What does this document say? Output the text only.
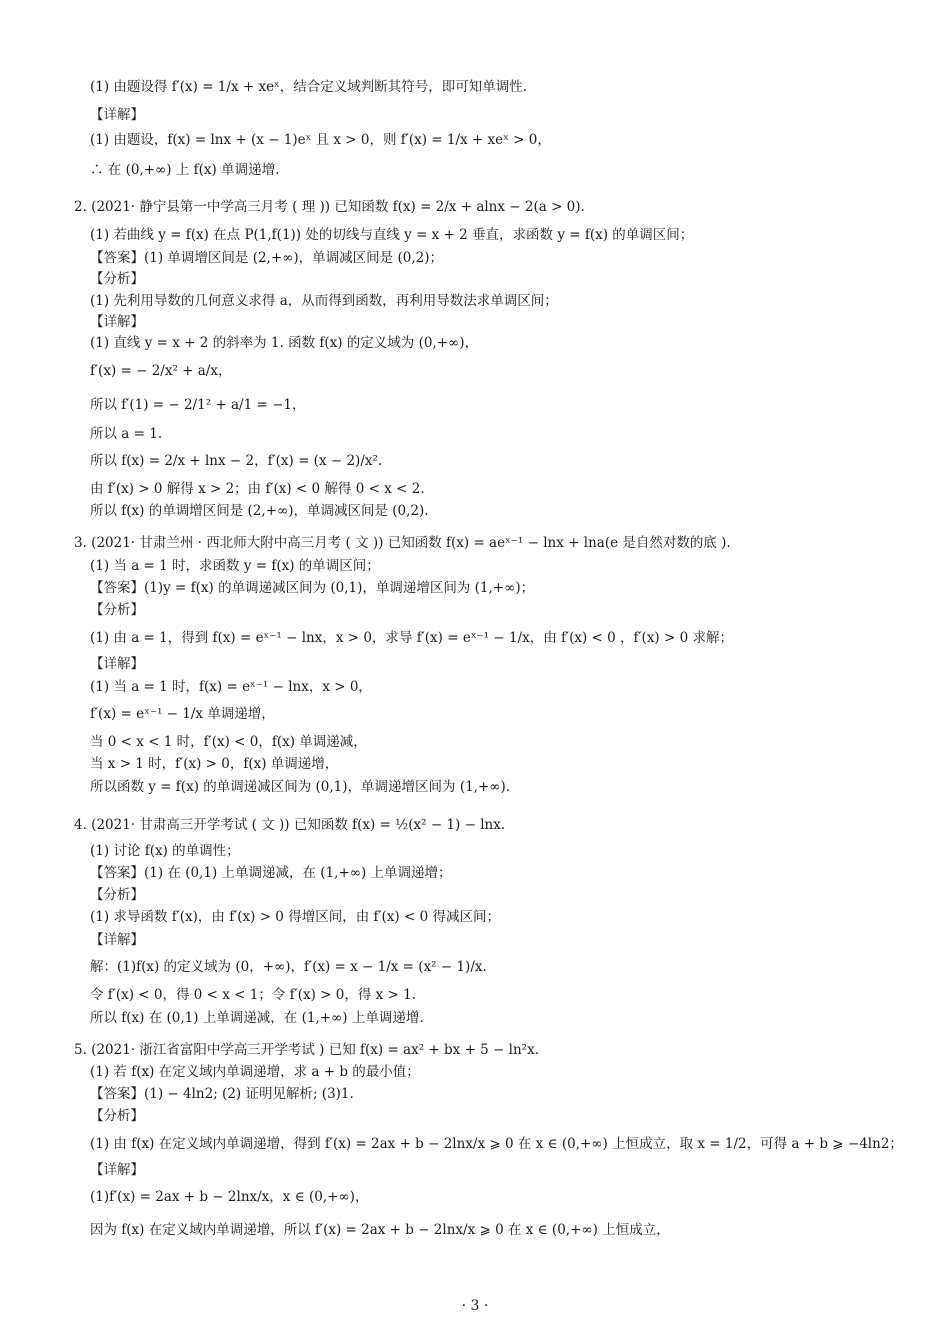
(1) 由题设得 f′(x) = 1/x + xeˣ，结合定义域判断其符号，即可知单调性.
【详解】
(1) 由题设，f(x) = lnx + (x − 1)eˣ 且 x > 0，则 f′(x) = 1/x + xeˣ > 0，
∴ 在 (0,+∞) 上 f(x) 单调递增.
2. (2021· 静宁县第一中学高三月考 ( 理 )) 已知函数 f(x) = 2/x + alnx − 2(a > 0).
(1) 若曲线 y = f(x) 在点 P(1,f(1)) 处的切线与直线 y = x + 2 垂直，求函数 y = f(x) 的单调区间；
【答案】(1) 单调增区间是 (2,+∞)，单调减区间是 (0,2)；
【分析】
(1) 先利用导数的几何意义求得 a，从而得到函数，再利用导数法求单调区间；
【详解】
(1) 直线 y = x + 2 的斜率为 1. 函数 f(x) 的定义域为 (0,+∞)，
f′(x) = − 2/x² + a/x，
所以 f′(1) = − 2/1² + a/1 = −1，
所以 a = 1.
所以 f(x) = 2/x + lnx − 2，f′(x) = (x − 2)/x².
由 f′(x) > 0 解得 x > 2；由 f′(x) < 0 解得 0 < x < 2.
所以 f(x) 的单调增区间是 (2,+∞)，单调减区间是 (0,2).
3. (2021· 甘肃兰州 · 西北师大附中高三月考 ( 文 )) 已知函数 f(x) = aeˣ⁻¹ − lnx + lna(e 是自然对数的底 ).
(1) 当 a = 1 时，求函数 y = f(x) 的单调区间；
【答案】(1)y = f(x) 的单调递减区间为 (0,1)，单调递增区间为 (1,+∞)；
【分析】
(1) 由 a = 1，得到 f(x) = eˣ⁻¹ − lnx，x > 0，求导 f′(x) = eˣ⁻¹ − 1/x，由 f′(x) < 0 ，f′(x) > 0 求解；
【详解】
(1) 当 a = 1 时，f(x) = eˣ⁻¹ − lnx，x > 0，
f′(x) = eˣ⁻¹ − 1/x 单调递增，
当 0 < x < 1 时，f′(x) < 0，f(x) 单调递减，
当 x > 1 时，f′(x) > 0，f(x) 单调递增，
所以函数 y = f(x) 的单调递减区间为 (0,1)，单调递增区间为 (1,+∞).
4. (2021· 甘肃高三开学考试 ( 文 )) 已知函数 f(x) = ½(x² − 1) − lnx.
(1) 讨论 f(x) 的单调性；
【答案】(1) 在 (0,1) 上单调递减，在 (1,+∞) 上单调递增；
【分析】
(1) 求导函数 f′(x)，由 f′(x) > 0 得增区间，由 f′(x) < 0 得减区间；
【详解】
解：(1)f(x) 的定义域为 (0，+∞)，f′(x) = x − 1/x = (x² − 1)/x.
令 f′(x) < 0，得 0 < x < 1；令 f′(x) > 0，得 x > 1.
所以 f(x) 在 (0,1) 上单调递减，在 (1,+∞) 上单调递增.
5. (2021· 浙江省富阳中学高三开学考试 ) 已知 f(x) = ax² + bx + 5 − ln²x.
(1) 若 f(x) 在定义域内单调递增，求 a + b 的最小值；
【答案】(1) − 4ln2; (2) 证明见解析; (3)1.
【分析】
(1) 由 f(x) 在定义域内单调递增，得到 f′(x) = 2ax + b − 2lnx/x ⩾ 0 在 x ∈ (0,+∞) 上恒成立，取 x = 1/2，可得 a + b ⩾ −4ln2；
【详解】
(1)f′(x) = 2ax + b − 2lnx/x，x ∈ (0,+∞)，
因为 f(x) 在定义域内单调递增，所以 f′(x) = 2ax + b − 2lnx/x ⩾ 0 在 x ∈ (0,+∞) 上恒成立，
· 3 ·
